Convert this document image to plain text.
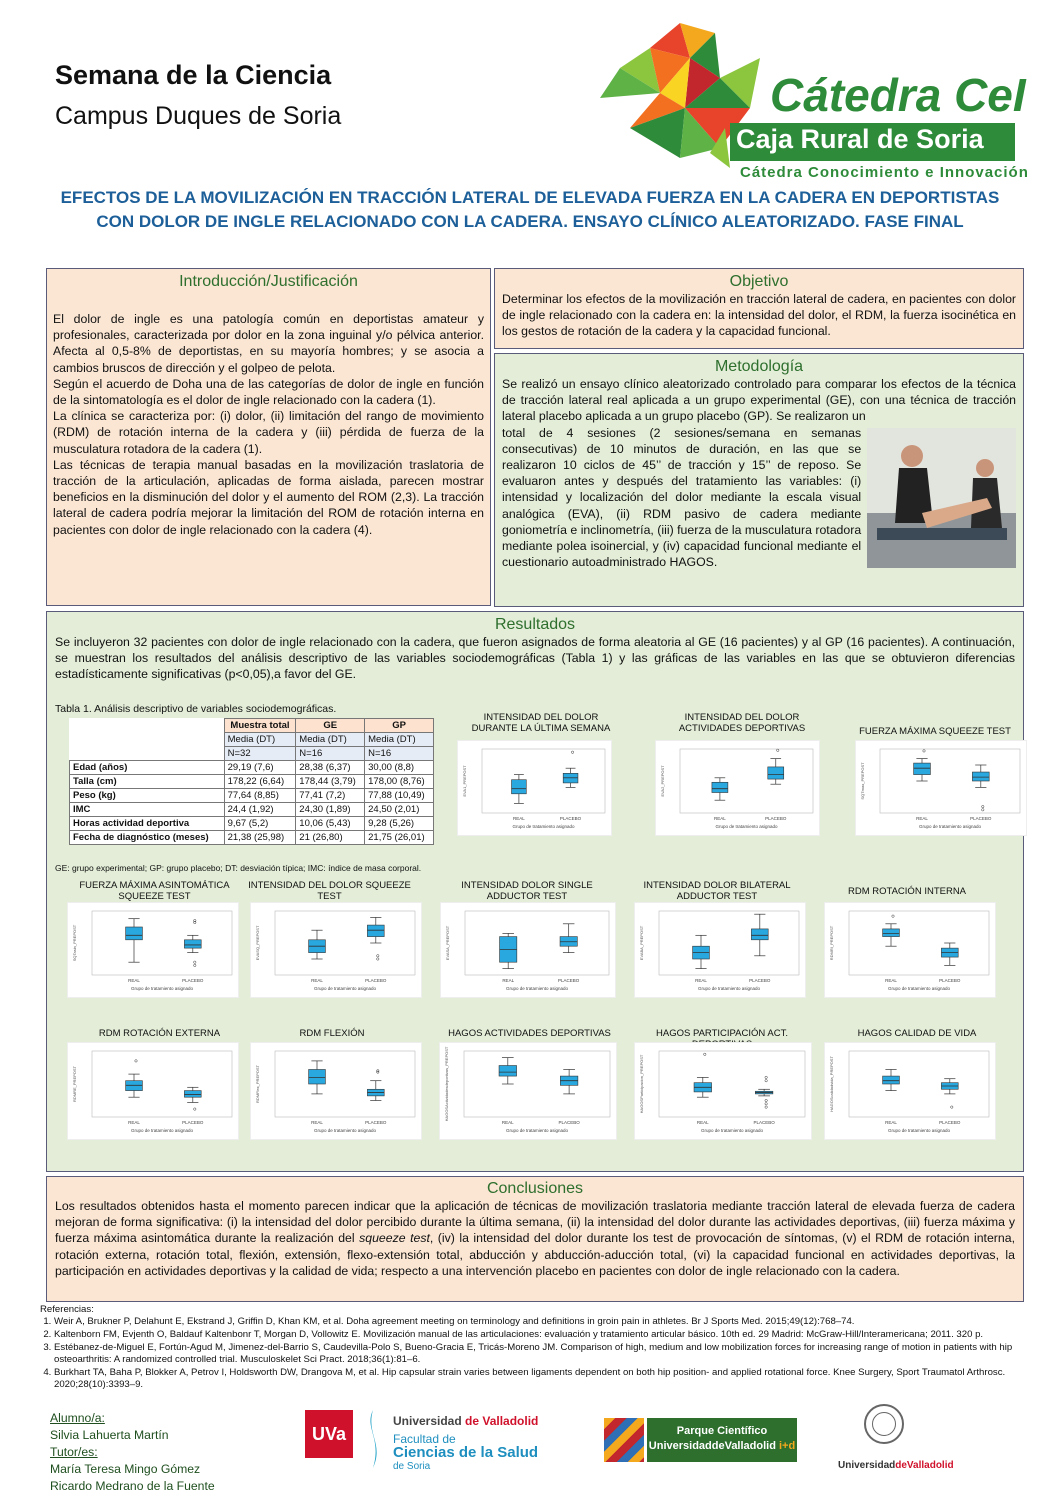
Semana de la Ciencia
Campus Duques de Soria	Cátedra CeI
Caja Rural de Soria
Cátedra Conocimiento e Innovación
EFECTOS DE LA MOVILIZACIÓN EN TRACCIÓN LATERAL DE ELEVADA FUERZA EN LA CADERA EN DEPORTISTAS CON DOLOR DE INGLE RELACIONADO CON LA CADERA. ENSAYO CLÍNICO ALEATORIZADO. FASE FINAL
Introducción/Justificación

El dolor de ingle es una patología común en deportistas amateur y profesionales, caracterizada por dolor en la zona inguinal y/o pélvica anterior. Afecta al 0,5-8% de deportistas, en su mayoría hombres; y se asocia a cambios bruscos de dirección y el golpeo de pelota.

Según el acuerdo de Doha una de las categorías de dolor de ingle en función de la sintomatología es el dolor de ingle relacionado con la cadera (1).

La clínica se caracteriza por: (i) dolor, (ii) limitación del rango de movimiento (RDM) de rotación interna de la cadera y (iii) pérdida de fuerza de la musculatura rotadora de la cadera (1).

Las técnicas de terapia manual basadas en la movilización traslatoria de tracción de la articulación, aplicadas de forma aislada, parecen mostrar beneficios en la disminución del dolor y el aumento del ROM (2,3). La tracción lateral de cadera podría mejorar la limitación del ROM de rotación interna en pacientes con dolor de ingle relacionado con la cadera (4).

Objetivo

Determinar los efectos de la movilización en tracción lateral de cadera, en pacientes con dolor de ingle relacionado con la cadera en: la intensidad del dolor, el RDM, la fuerza isocinética en los gestos de rotación de la cadera y la capacidad funcional.

Metodología

Se realizó un ensayo clínico aleatorizado controlado para comparar los efectos de la técnica de tracción lateral real aplicada a un grupo experimental (GE), con una técnica de tracción lateral placebo aplicada a un grupo placebo (GP). Se realizaron un

total de 4 sesiones (2 sesiones/semana en semanas consecutivas) de 10 minutos de duración, en las que se realizaron 10 ciclos de 45’’ de tracción y 15’’ de reposo. Se evaluaron antes y después del tratamiento las variables: (i) intensidad y localización del dolor mediante la escala visual analógica (EVA), (ii) RDM pasivo de cadera mediante goniometría e inclinometría, (iii) fuerza de la musculatura rotadora mediante polea isoinercial, y (iv) capacidad funcional mediante el cuestionario autoadministrado HAGOS.

Resultados

Se incluyeron 32 pacientes con dolor de ingle relacionado con la cadera, que fueron asignados de forma aleatoria al GE (16 pacientes) y al GP (16 pacientes). A continuación, se muestran los resultados del análisis descriptivo de las variables sociodemográficas (Tabla 1) y las gráficas de las variables en las que se obtuvieron diferencias estadísticamente significativas (p<0,05),a favor del GE.

Tabla 1. Análisis descriptivo de variables sociodemográficas.
	Muestra total	GE	GP
	Media (DT)	Media (DT)	Media (DT)
	N=32	N=16	N=16
Edad (años)	29,19 (7,6)	28,38 (6,37)	30,00 (8,8)
Talla (cm)	178,22 (6,64)	178,44 (3,79)	178,00 (8,76)
Peso (kg)	77,64 (8,85)	77,41 (7,2)	77,88 (10,49)
IMC	24,4 (1,92)	24,30 (1,89)	24,50 (2,01)
Horas actividad deportiva	9,67 (5,2)	10,06 (5,43)	9,28 (5,26)
Fecha de diagnóstico (meses)	21,38 (25,98)	21 (26,80)	21,75 (26,01)
GE: grupo experimental; GP: grupo placebo; DT: desviación típica; IMC: índice de masa corporal.
INTENSIDAD DEL DOLOR DURANTE LA ÚLTIMA SEMANA
EVA1_PREPOST
REAL	PLACEBO
Grupo de tratamiento asignado
INTENSIDAD DEL DOLOR ACTIVIDADES DEPORTIVAS
EVA2_PREPOST
REAL	PLACEBO
Grupo de tratamiento asignado
FUERZA MÁXIMA SQUEEZE TEST
SQTmax_PREPOST
REAL	PLACEBO
Grupo de tratamiento asignado
FUERZA MÁXIMA ASINTOMÁTICA SQUEEZE TEST
SQTasin_PREPOST
REAL	PLACEBO
Grupo de tratamiento asignado
INTENSIDAD DEL DOLOR SQUEEZE TEST
EVASQ_PREPOST
REAL	PLACEBO
Grupo de tratamiento asignado
INTENSIDAD DOLOR SINGLE ADDUCTOR TEST
EVASA_PREPOST
REAL	PLACEBO
Grupo de tratamiento asignado
INTENSIDAD DOLOR BILATERAL ADDUCTOR TEST
EVABA_PREPOST
REAL	PLACEBO
Grupo de tratamiento asignado
RDM ROTACIÓN INTERNA
RDMRI_PREPOST
REAL	PLACEBO
Grupo de tratamiento asignado
RDM ROTACIÓN EXTERNA
RDMRE_PREPOST
REAL	PLACEBO
Grupo de tratamiento asignado
RDM FLEXIÓN
RDMFlex_PREPOST
REAL	PLACEBO
Grupo de tratamiento asignado
HAGOS ACTIVIDADES DEPORTIVAS
HAGOSActividadesdeportivas_PREPOST
REAL	PLACEBO
Grupo de tratamiento asignado
HAGOS PARTICIPACIÓN ACT.
HAGOSParticipacion_PREPOST
REAL	PLACEBO
Grupo de tratamiento asignado
HAGOS CALIDAD DE VIDA
HAGOScalidadvida_PREPOST
REAL	PLACEBO
Grupo de tratamiento asignado
Conclusiones

Los resultados obtenidos hasta el momento parecen indicar que la aplicación de técnicas de movilización traslatoria mediante tracción lateral de elevada fuerza de cadera mejoran de forma significativa: (i) la intensidad del dolor percibido durante la última semana, (ii) la intensidad del dolor durante las actividades deportivas, (iii) fuerza máxima y fuerza máxima asintomática durante la realización del squeeze test, (iv) la intensidad del dolor durante los test de provocación de síntomas, (v) el RDM de rotación interna, rotación externa, rotación total, flexión, extensión, flexo-extensión total, abducción y abducción-aducción total, (vi) la capacidad funcional en actividades deportivas, la participación en actividades deportivas y la calidad de vida; respecto a una intervención placebo en pacientes con dolor de ingle relacionado con la cadera.

Referencias:
1. Weir A, Brukner P, Delahunt E, Ekstrand J, Griffin D, Khan KM, et al. Doha agreement meeting on terminology and definitions in groin pain in athletes. Br J Sports Med. 2015;49(12):768–74.
2. Kaltenborn FM, Evjenth O, Baldauf Kaltenbonr T, Morgan D, Vollowitz E. Movilización manual de las articulaciones: evaluación y tratamiento articular básico. 10th ed. 29 Madrid: McGraw-Hill/Interamericana; 2011. 320 p.
3. Estébanez-de-Miguel E, Fortún-Agud M, Jimenez-del-Barrio S, Caudevilla-Polo S, Bueno-Gracia E, Tricás-Moreno JM. Comparison of high, medium and low mobilization forces for increasing range of motion in patients with hip osteoarthritis: A randomized controlled trial. Musculoskelet Sci Pract. 2018;36(1):81–6.
4. Burkhart TA, Baha P, Blokker A, Petrov I, Holdsworth DW, Drangova M, et al. Hip capsular strain varies between ligaments dependent on both hip position- and applied rotational force. Knee Surgery, Sport Traumatol Arthrosc. 2020;28(10):3393–9.
Alumno/a:
Silvia Lahuerta Martín
Tutor/es:
María Teresa Mingo Gómez
Ricardo Medrano de la Fuente
UVa
Universidad de Valladolid
Facultad de
Ciencias de la Salud
de Soria
Parque Científico
UniversidaddeValladolid i+d
UniversidaddeValladolid
